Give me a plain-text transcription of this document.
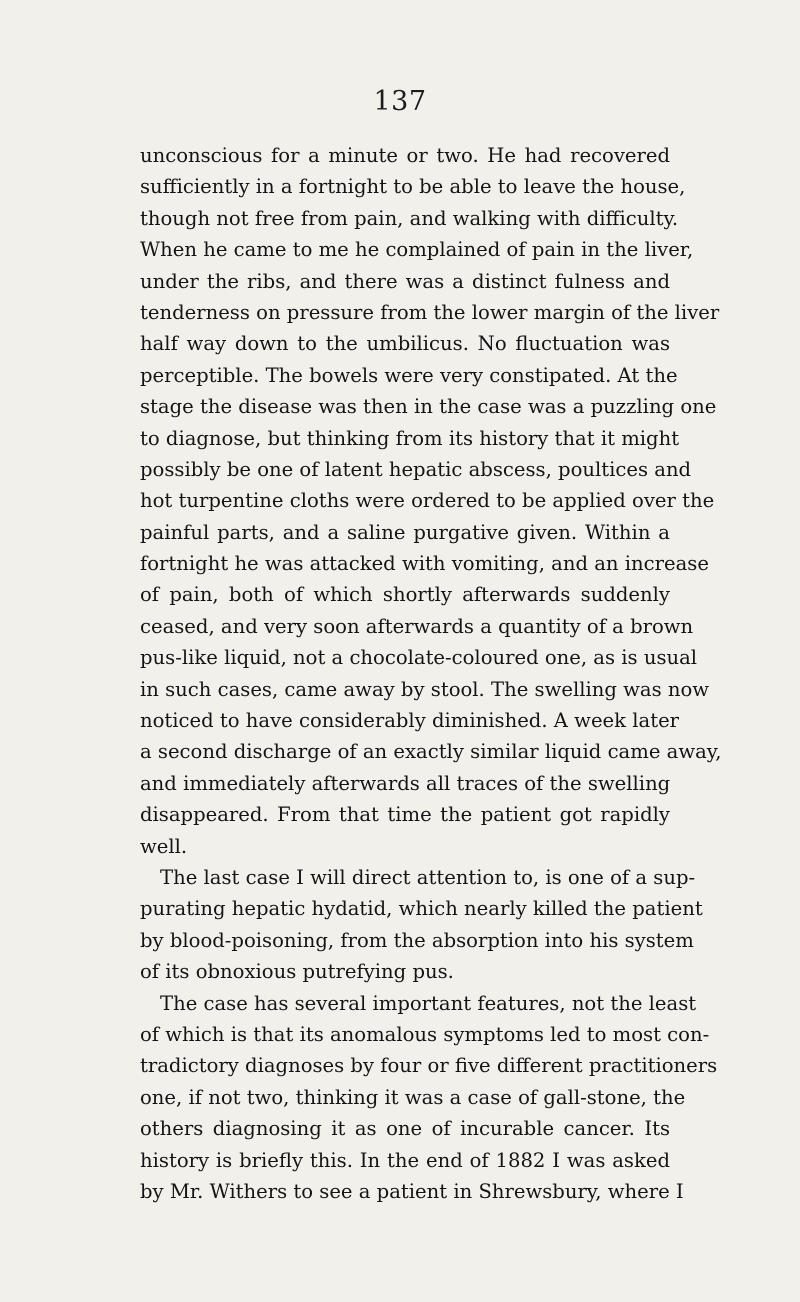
137
unconscious for a minute or two. He had recovered
sufficiently in a fortnight to be able to leave the house,
though not free from pain, and walking with difficulty.
When he came to me he complained of pain in the liver,
under the ribs, and there was a distinct fulness and
tenderness on pressure from the lower margin of the liver
half way down to the umbilicus. No fluctuation was
perceptible. The bowels were very constipated. At the
stage the disease was then in the case was a puzzling one
to diagnose, but thinking from its history that it might
possibly be one of latent hepatic abscess, poultices and
hot turpentine cloths were ordered to be applied over the
painful parts, and a saline purgative given. Within a
fortnight he was attacked with vomiting, and an increase
of pain, both of which shortly afterwards suddenly
ceased, and very soon afterwards a quantity of a brown
pus-like liquid, not a chocolate-coloured one, as is usual
in such cases, came away by stool. The swelling was now
noticed to have considerably diminished. A week later
a second discharge of an exactly similar liquid came away,
and immediately afterwards all traces of the swelling
disappeared. From that time the patient got rapidly
well.
The last case I will direct attention to, is one of a sup-
purating hepatic hydatid, which nearly killed the patient
by blood-poisoning, from the absorption into his system
of its obnoxious putrefying pus.
The case has several important features, not the least
of which is that its anomalous symptoms led to most con-
tradictory diagnoses by four or five different practitioners
one, if not two, thinking it was a case of gall-stone, the
others diagnosing it as one of incurable cancer. Its
history is briefly this. In the end of 1882 I was asked
by Mr. Withers to see a patient in Shrewsbury, where I
